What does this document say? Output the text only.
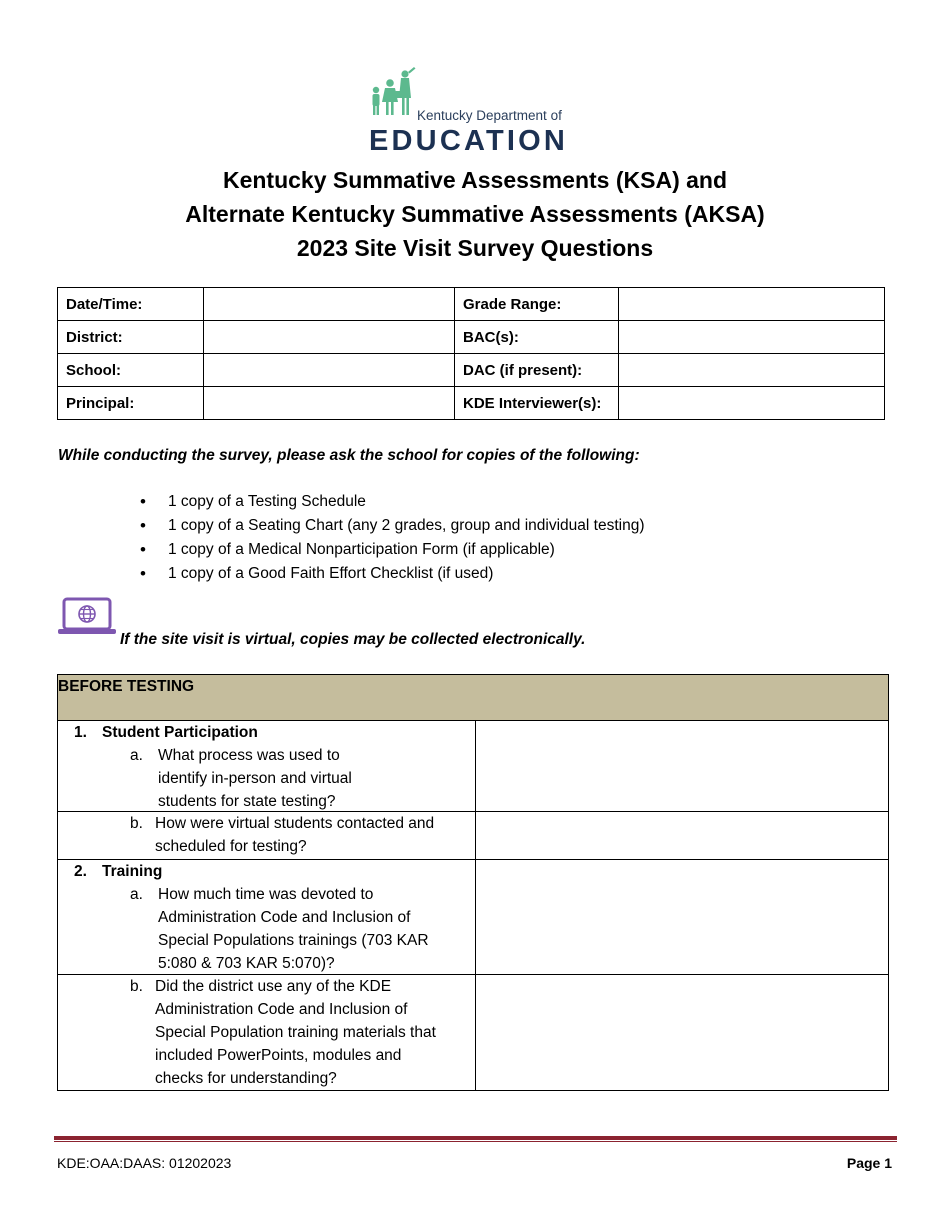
Kentucky Department of
EDUCATION
Kentucky Summative Assessments (KSA) and
Alternate Kentucky Summative Assessments (AKSA)
2023 Site Visit Survey Questions
Date/Time:		Grade Range:	
District:		BAC(s):	
School:		DAC (if present):	
Principal:		KDE Interviewer(s):	
While conducting the survey, please ask the school for copies of the following:
• 1 copy of a Testing Schedule
• 1 copy of a Seating Chart (any 2 grades, group and individual testing)
• 1 copy of a Medical Nonparticipation Form (if applicable)
• 1 copy of a Good Faith Effort Checklist (if used)
If the site visit is virtual, copies may be collected electronically.
BEFORE TESTING
1. Student Participation
a. What process was used to identify in-person and virtual students for state testing?
b. How were virtual students contacted and scheduled for testing?
2. Training
a. How much time was devoted to Administration Code and Inclusion of Special Populations trainings (703 KAR 5:080 & 703 KAR 5:070)?
b. Did the district use any of the KDE Administration Code and Inclusion of Special Population training materials that included PowerPoints, modules and checks for understanding?
KDE:OAA:DAAS: 01202023	Page 1
